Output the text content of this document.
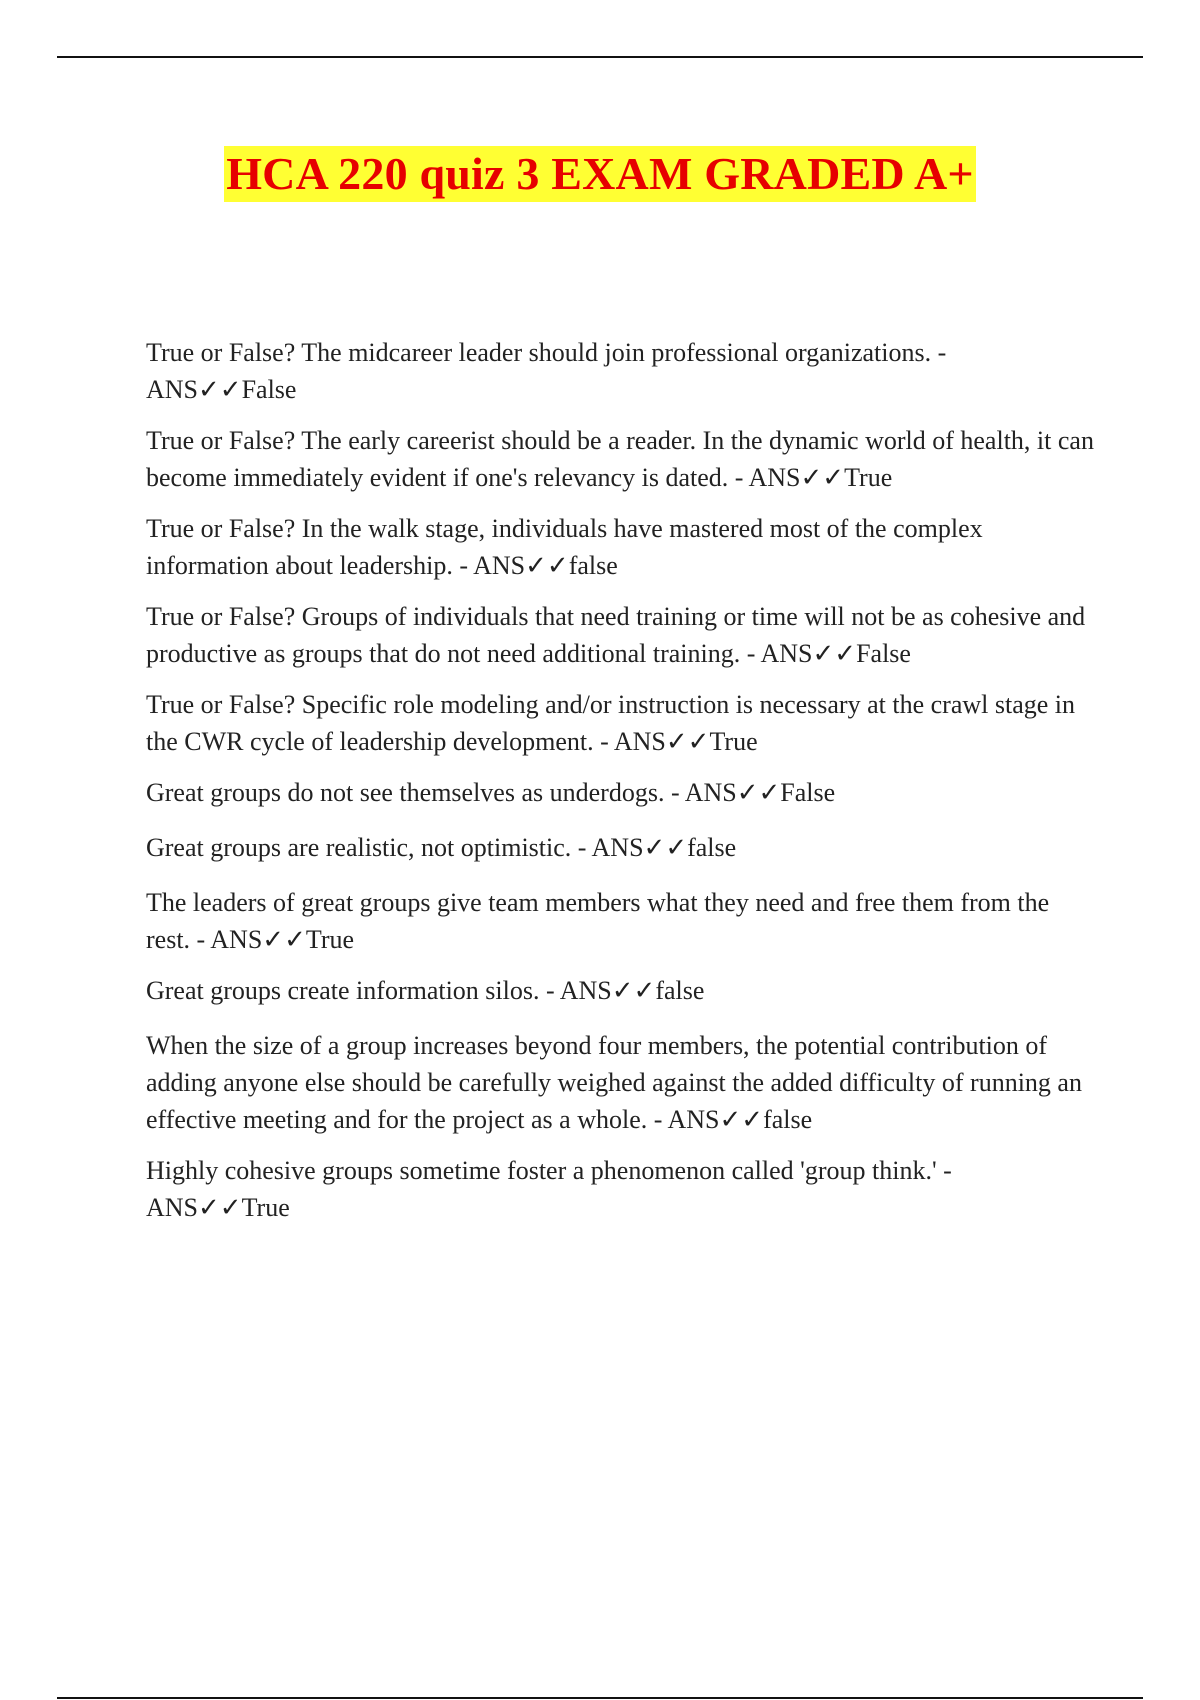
HCA 220 quiz 3 EXAM GRADED A+
True or False? The midcareer leader should join professional organizations. - ANS✓✓False
True or False? The early careerist should be a reader. In the dynamic world of health, it can become immediately evident if one's relevancy is dated. - ANS✓✓True
True or False? In the walk stage, individuals have mastered most of the complex information about leadership. - ANS✓✓false
True or False? Groups of individuals that need training or time will not be as cohesive and productive as groups that do not need additional training. - ANS✓✓False
True or False? Specific role modeling and/or instruction is necessary at the crawl stage in the CWR cycle of leadership development. - ANS✓✓True
Great groups do not see themselves as underdogs. - ANS✓✓False
Great groups are realistic, not optimistic. - ANS✓✓false
The leaders of great groups give team members what they need and free them from the rest. - ANS✓✓True
Great groups create information silos. - ANS✓✓false
When the size of a group increases beyond four members, the potential contribution of adding anyone else should be carefully weighed against the added difficulty of running an effective meeting and for the project as a whole. - ANS✓✓false
Highly cohesive groups sometime foster a phenomenon called 'group think.' - ANS✓✓True
